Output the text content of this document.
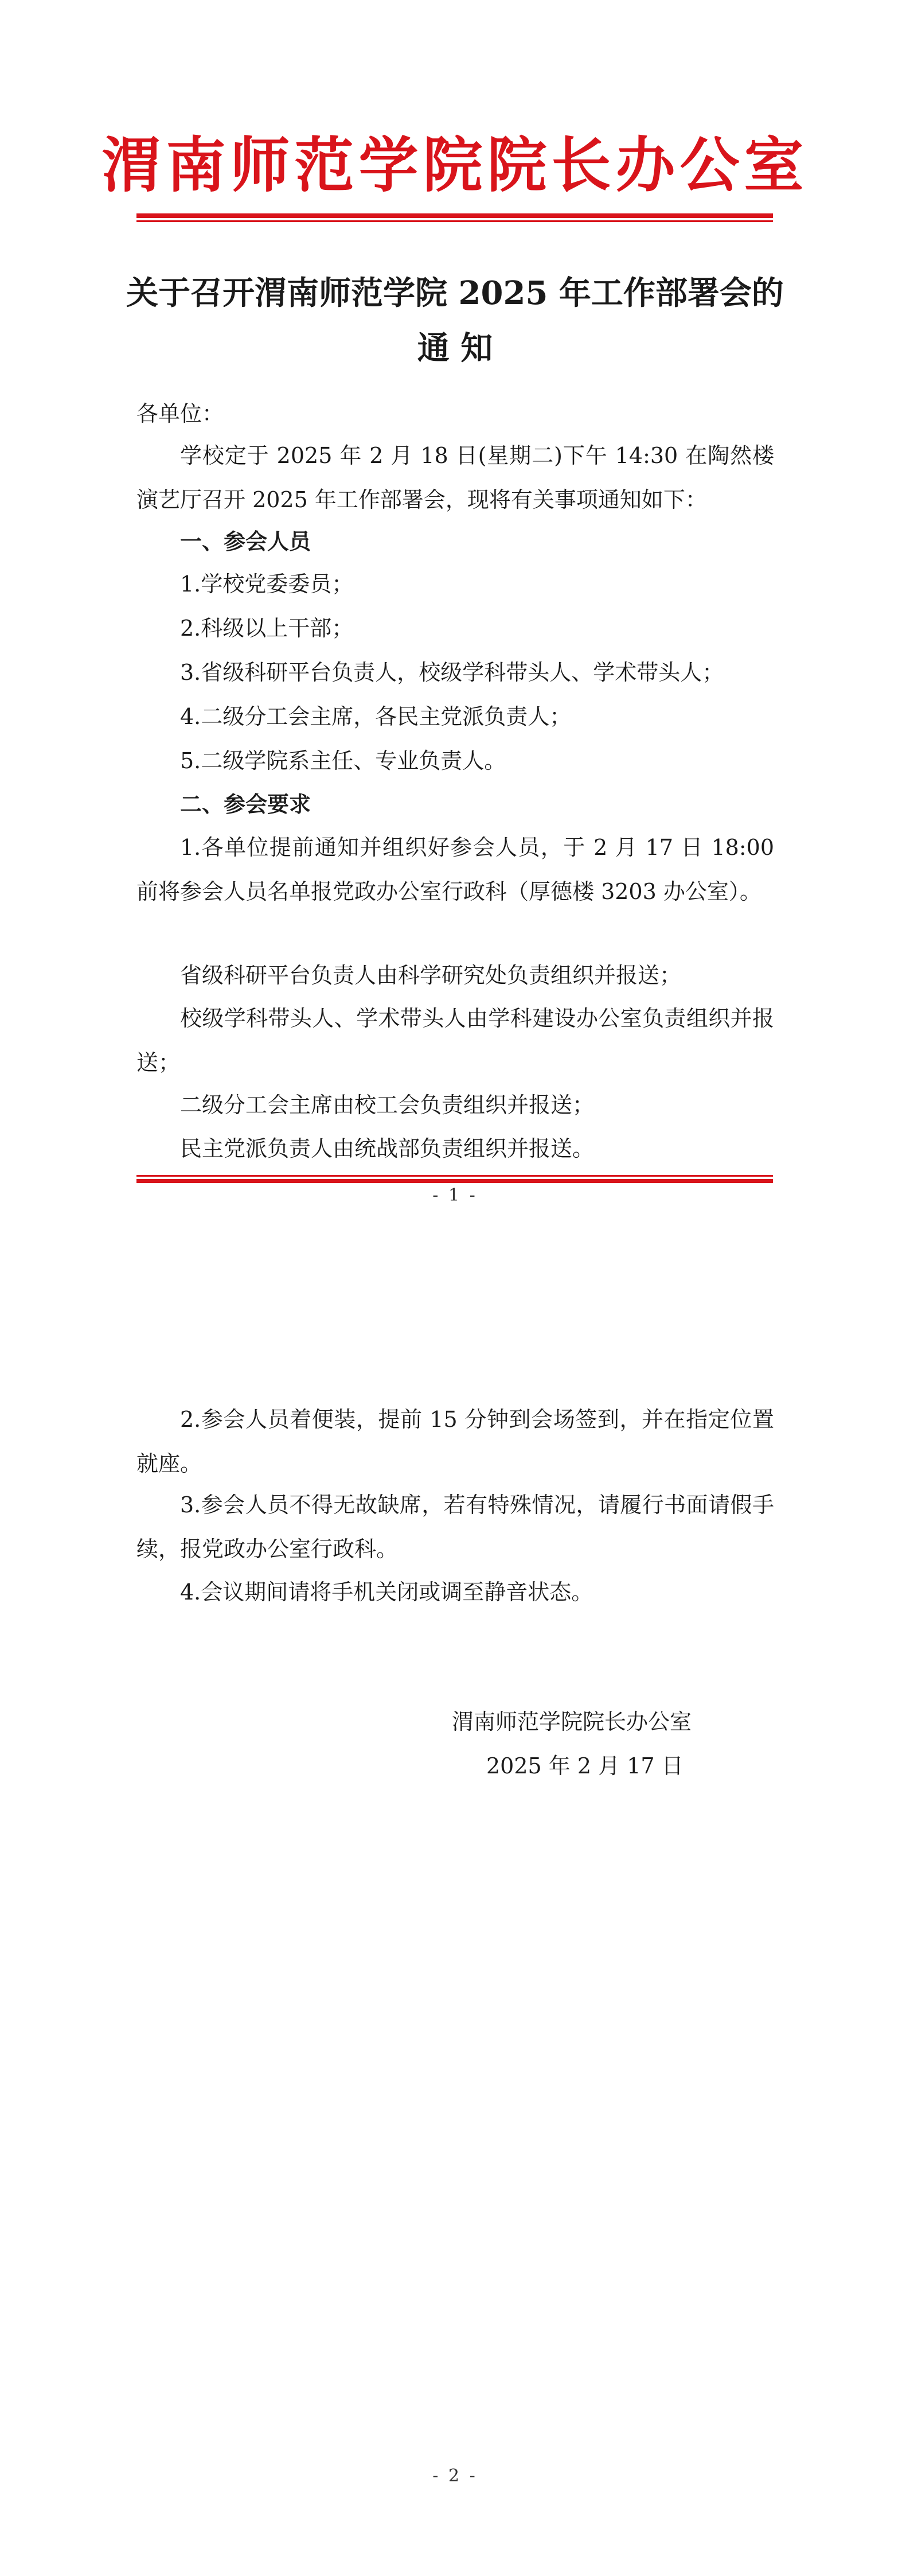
渭南师范学院院长办公室
关于召开渭南师范学院 2025 年工作部署会的
通 知
各单位：
学校定于 2025 年 2 月 18 日(星期二)下午 14:30 在陶然楼演艺厅召开 2025 年工作部署会，现将有关事项通知如下：
一、参会人员
1.学校党委委员；
2.科级以上干部；
3.省级科研平台负责人，校级学科带头人、学术带头人；
4.二级分工会主席，各民主党派负责人；
5.二级学院系主任、专业负责人。
二、参会要求
1.各单位提前通知并组织好参会人员，于 2 月 17 日 18:00 前将参会人员名单报党政办公室行政科（厚德楼 3203 办公室）。
省级科研平台负责人由科学研究处负责组织并报送；
校级学科带头人、学术带头人由学科建设办公室负责组织并报送；
二级分工会主席由校工会负责组织并报送；
民主党派负责人由统战部负责组织并报送。
- 1 -
2.参会人员着便装，提前 15 分钟到会场签到，并在指定位置就座。
3.参会人员不得无故缺席，若有特殊情况，请履行书面请假手续，报党政办公室行政科。
4.会议期间请将手机关闭或调至静音状态。
渭南师范学院院长办公室
2025 年 2 月 17 日
- 2 -
